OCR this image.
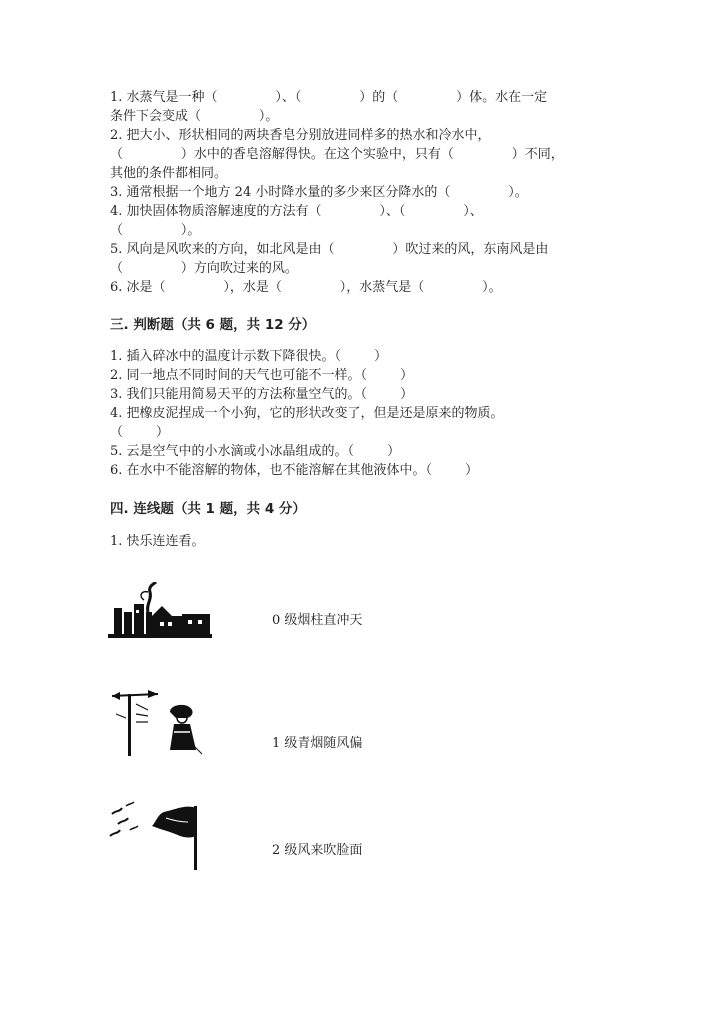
1. 水蒸气是一种（              ）、（              ）的（              ）体。水在一定
条件下会变成（              ）。
2. 把大小、形状相同的两块香皂分别放进同样多的热水和冷水中，
（              ）水中的香皂溶解得快。在这个实验中，只有（              ）不同，
其他的条件都相同。
3. 通常根据一个地方 24 小时降水量的多少来区分降水的（              ）。
4. 加快固体物质溶解速度的方法有（              ）、（              ）、
（              ）。
5. 风向是风吹来的方向，如北风是由（              ）吹过来的风，东南风是由
（              ）方向吹过来的风。
6. 冰是（              ），水是（              ），水蒸气是（              ）。
三. 判断题（共 6 题，共 12 分）
1. 插入碎冰中的温度计示数下降很快。（        ）
2. 同一地点不同时间的天气也可能不一样。（        ）
3. 我们只能用简易天平的方法称量空气的。（        ）
4. 把橡皮泥捏成一个小狗，它的形状改变了，但是还是原来的物质。
（        ）
5. 云是空气中的小水滴或小冰晶组成的。（        ）
6. 在水中不能溶解的物体，也不能溶解在其他液体中。（        ）
四. 连线题（共 1 题，共 4 分）
1. 快乐连连看。
0 级烟柱直冲天
1 级青烟随风偏
2 级风来吹脸面
